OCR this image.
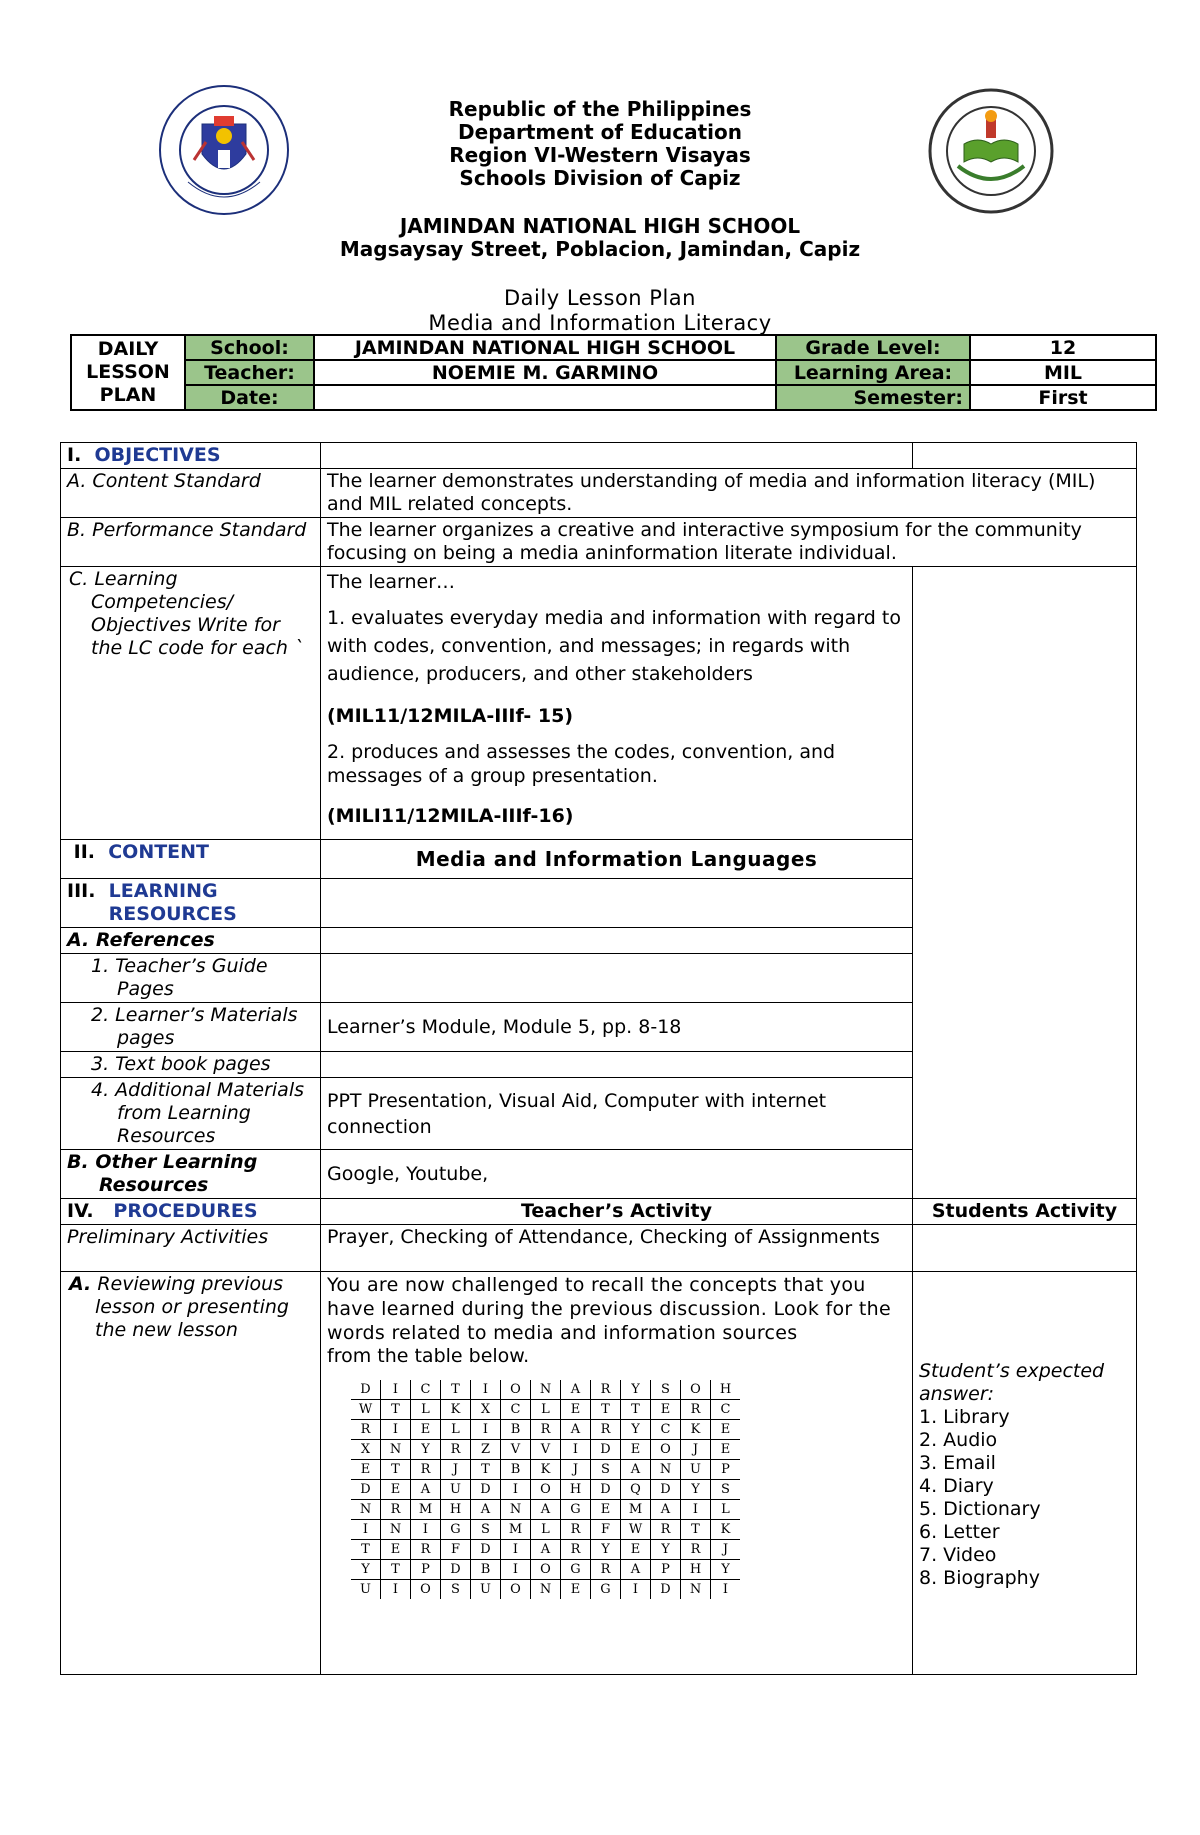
Republic of the Philippines
Department of Education
Region VI-Western Visayas
Schools Division of Capiz
JAMINDAN NATIONAL HIGH SCHOOL
Magsaysay Street, Poblacion, Jamindan, Capiz
Daily Lesson Plan
Media and Information Literacy
DAILY
LESSON
PLAN	School:	JAMINDAN NATIONAL HIGH SCHOOL	Grade Level:	12
	Teacher:	NOEMIE M. GARMINO	Learning Area:	MIL
	Date:		Semester:	First
I. OBJECTIVES		
A. Content Standard	The learner demonstrates understanding of media and information literacy (MIL) and MIL related concepts.
B. Performance Standard	The learner organizes a creative and interactive symposium for the community focusing on being a media aninformation literate individual.
C. Learning Competencies/ Objectives Write for the LC code for each `	

The learner…

1. evaluates everyday media and information with regard to with codes, convention, and messages; in regards with audience, producers, and other stakeholders

(MIL11/12MILA-IIIf- 15)

2. produces and assesses the codes, convention, and messages of a group presentation.

(MILI11/12MILA-IIIf-16)

II. CONTENT	Media and Information Languages
III. LEARNING RESOURCES	
A. References	
1. Teacher’s Guide Pages	
2. Learner’s Materials pages	Learner’s Module, Module 5, pp. 8-18
3. Text book pages	
4. Additional Materials from Learning Resources	PPT Presentation, Visual Aid, Computer with internet connection
B. Other Learning Resources	Google, Youtube,
IV. PROCEDURES	Teacher’s Activity	Students Activity
Preliminary Activities	Prayer, Checking of Attendance, Checking of Assignments	
A. Reviewing previous lesson or presenting the new lesson	
You are now challenged to recall the concepts that you have learned during the previous discussion. Look for the words related to media and information sources
from the table below.
D	I	C	T	I	O	N	A	R	Y	S	O	H
W	T	L	K	X	C	L	E	T	T	E	R	C
R	I	E	L	I	B	R	A	R	Y	C	K	E
X	N	Y	R	Z	V	V	I	D	E	O	J	E
E	T	R	J	T	B	K	J	S	A	N	U	P
D	E	A	U	D	I	O	H	D	Q	D	Y	S
N	R	M	H	A	N	A	G	E	M	A	I	L
I	N	I	G	S	M	L	R	F	W	R	T	K
T	E	R	F	D	I	A	R	Y	E	Y	R	J
Y	T	P	D	B	I	O	G	R	A	P	H	Y
U	I	O	S	U	O	N	E	G	I	D	N	I

Student’s expected answer:
1. Library
2. Audio
3. Email
4. Diary
5. Dictionary
6. Letter
7. Video
8. Biography
